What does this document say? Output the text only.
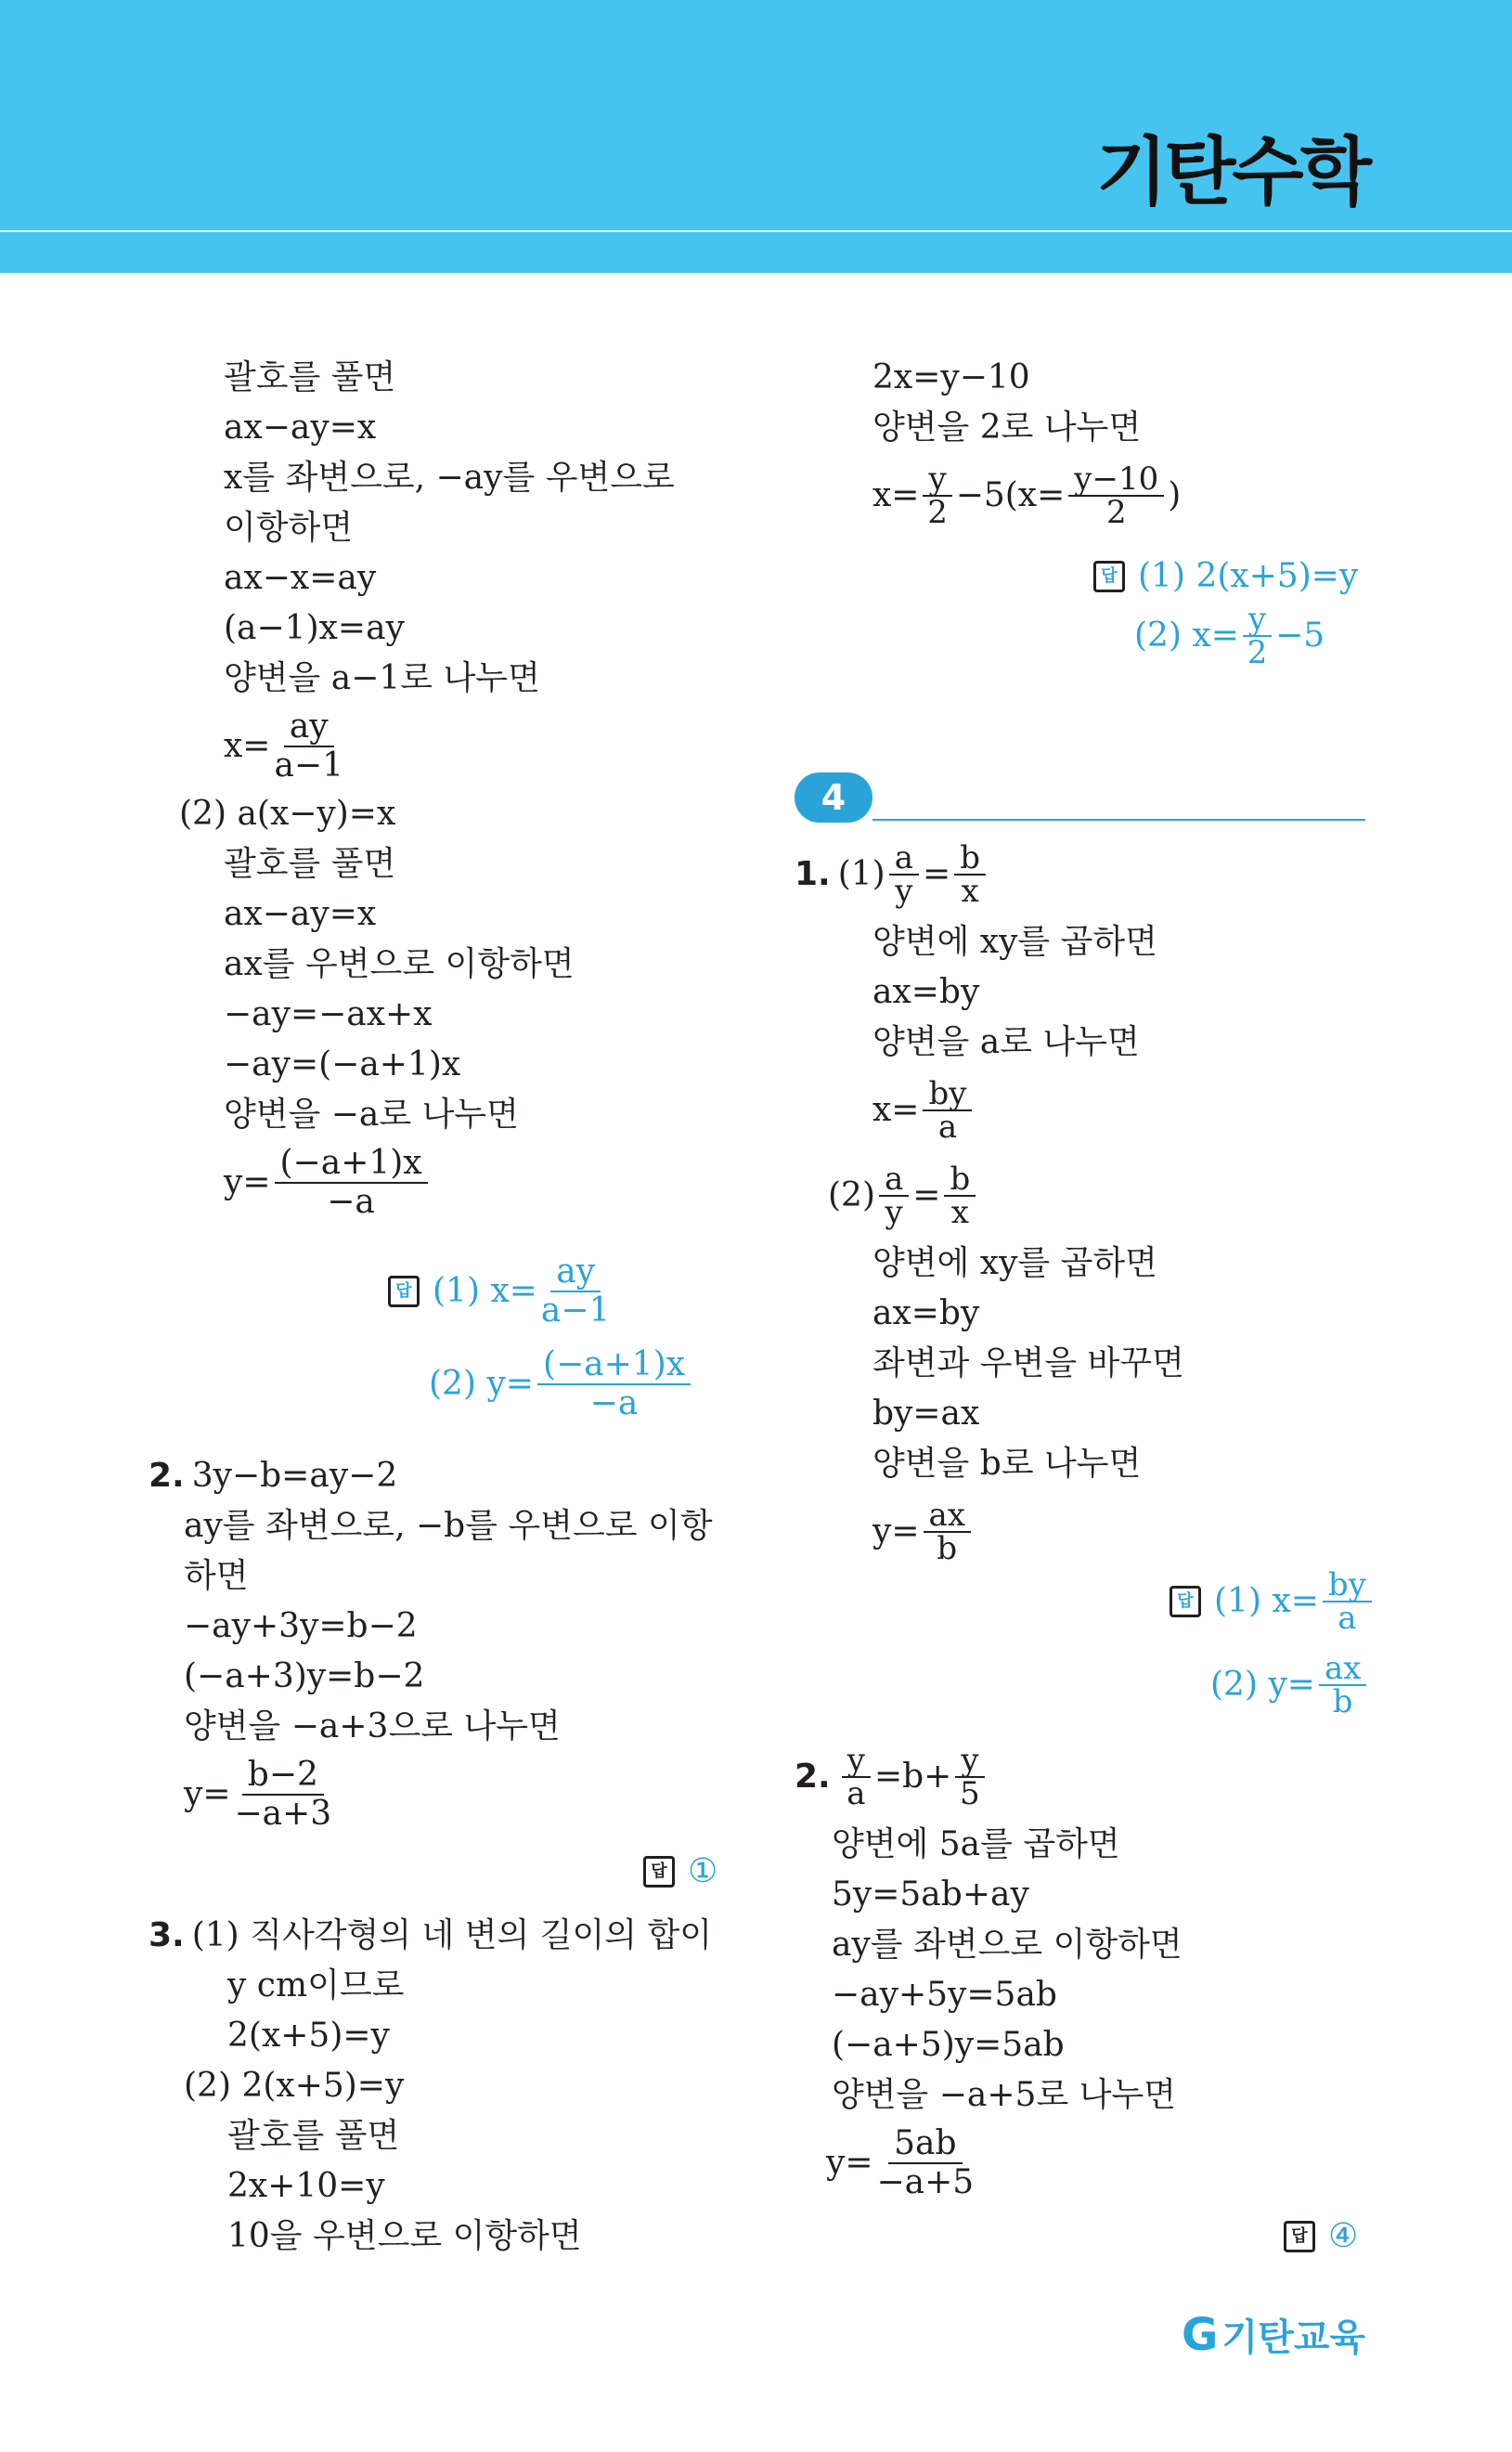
기탄수학
괄호를 풀면
ax−ay=x
x를 좌변으로, −ay를 우변으로
이항하면
ax−x=ay
(a−1)x=ay
양변을 a−1로 나누면
$x= \frac{ay}{a-1}$
(2) a(x−y)=x
괄호를 풀면
ax−ay=x
ax를 우변으로 이항하면
−ay=−ax+x
−ay=(−a+1)x
양변을 −a로 나누면
$y= \frac{(-a+1)x}{-a}$
답 (1) $x= \frac{ay}{a-1}$
(2) $y= \frac{(-a+1)x}{-a}$
2. 3y−b=ay−2
ay를 좌변으로, −b를 우변으로 이항
하면
−ay+3y=b−2
(−a+3)y=b−2
양변을 −a+3으로 나누면
$y= \frac{b-2}{-a+3}$
답 ①
3. (1) 직사각형의 네 변의 길이의 합이
y cm이므로
2(x+5)=y
(2) 2(x+5)=y
괄호를 풀면
2x+10=y
10을 우변으로 이항하면
2x=y−10
양변을 2로 나누면
$x= \frac{y}{2} -5(x= \frac{y-10}{2}$ )
답 (1) 2(x+5)=y
(2) $x= \frac{y}{2} -5$
4
1. $(1) \frac{a}{y} = \frac{b}{x}$
양변에 xy를 곱하면
ax=by
양변을 a로 나누면
$x= \frac{by}{a}$
$(2) \frac{a}{y} = \frac{b}{x}$
양변에 xy를 곱하면
ax=by
좌변과 우변을 바꾸면
by=ax
양변을 b로 나누면
$y= \frac{ax}{b}$
답 (1) $x= \frac{by}{a}$
(2) $y= \frac{ax}{b}$
2. $\frac{y}{a} =b+ \frac{y}{5}$
양변에 5a를 곱하면
5y=5ab+ay
ay를 좌변으로 이항하면
−ay+5y=5ab
(−a+5)y=5ab
양변을 −a+5로 나누면
$y= \frac{5ab}{-a+5}$
답 ④
G 기탄교육
